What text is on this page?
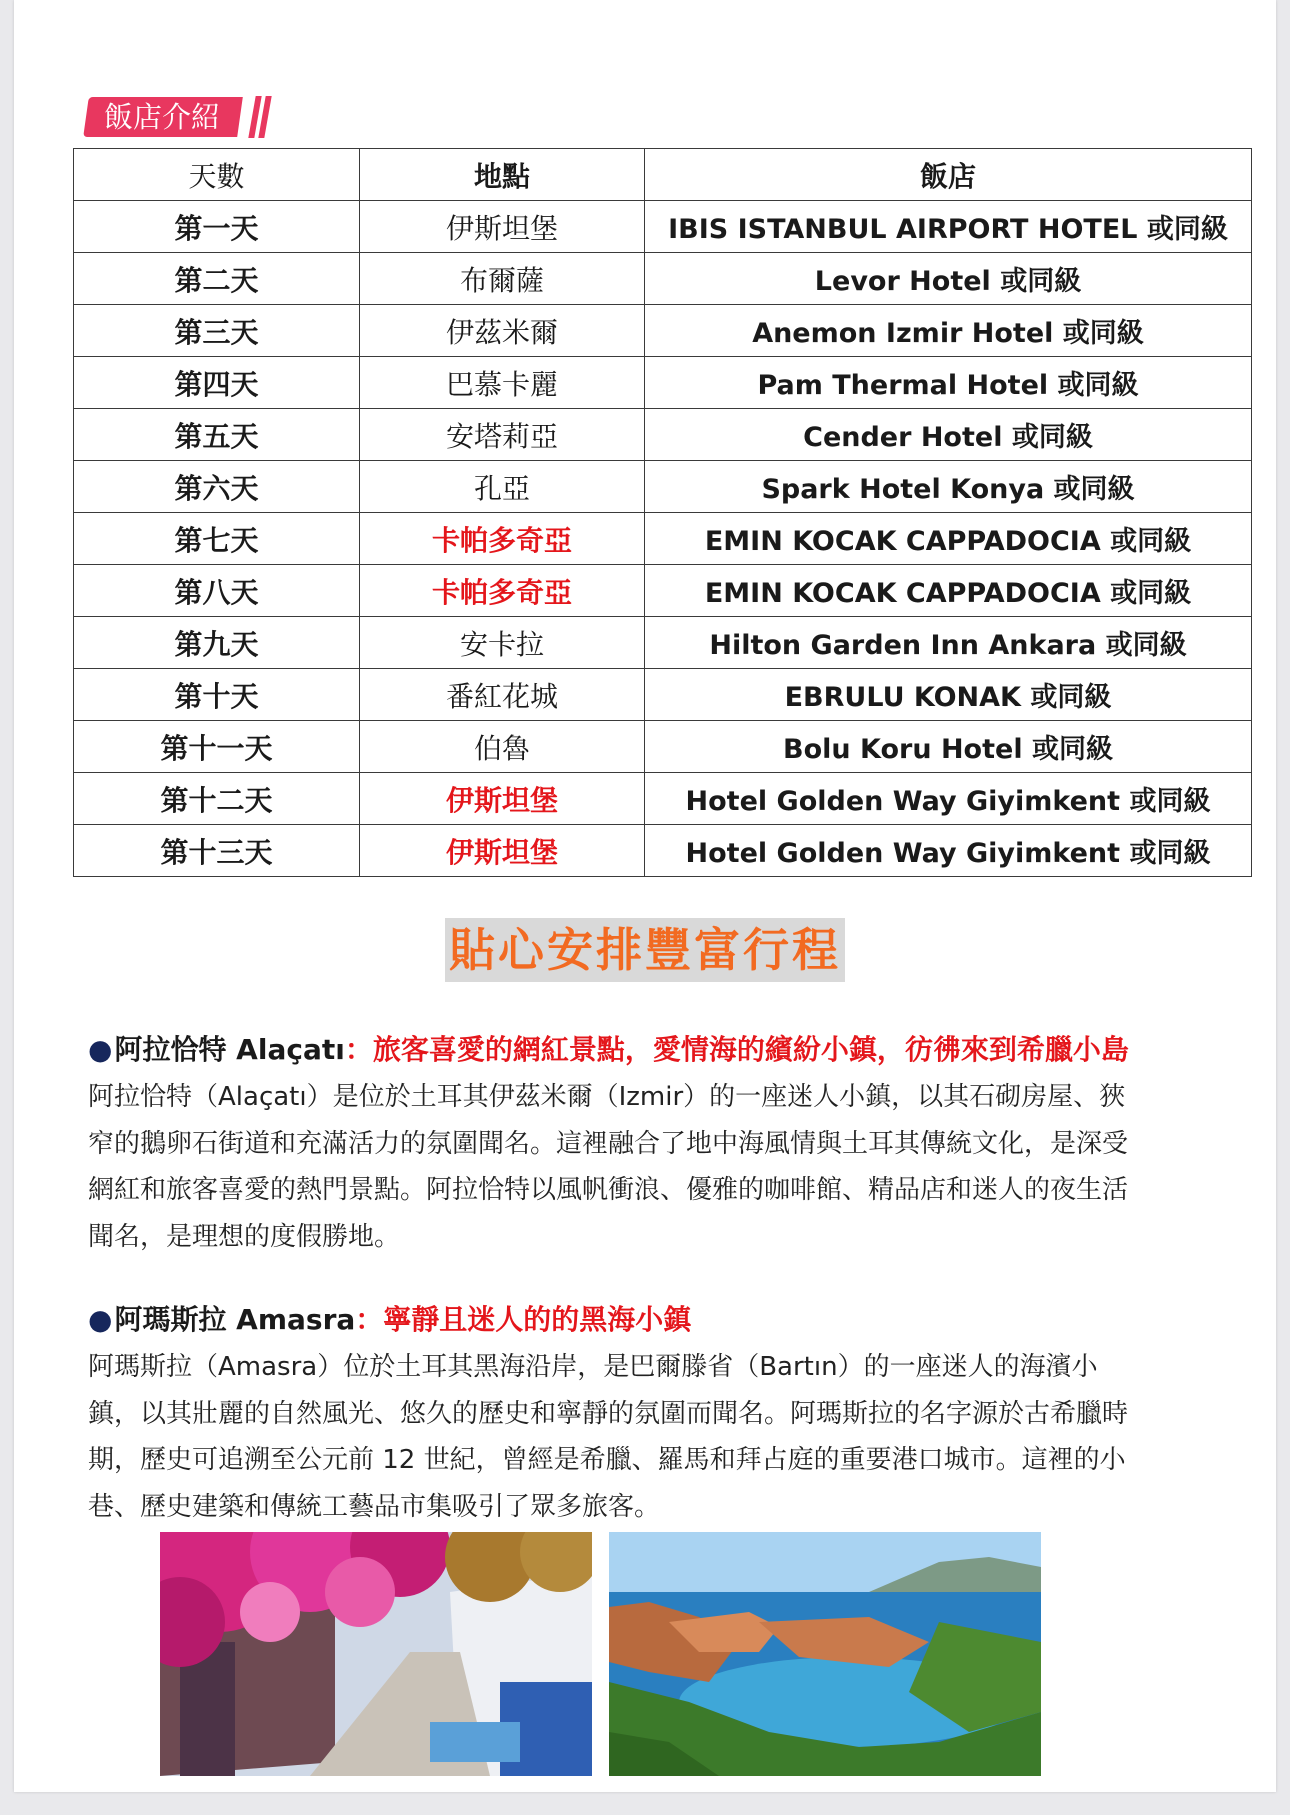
飯店介紹
天數	地點	飯店
第一天	伊斯坦堡	IBIS ISTANBUL AIRPORT HOTEL 或同級
第二天	布爾薩	Levor Hotel 或同級
第三天	伊茲米爾	Anemon Izmir Hotel 或同級
第四天	巴慕卡麗	Pam Thermal Hotel 或同級
第五天	安塔莉亞	Cender Hotel 或同級
第六天	孔亞	Spark Hotel Konya 或同級
第七天	卡帕多奇亞	EMIN KOCAK CAPPADOCIA 或同級
第八天	卡帕多奇亞	EMIN KOCAK CAPPADOCIA 或同級
第九天	安卡拉	Hilton Garden Inn Ankara 或同級
第十天	番紅花城	EBRULU KONAK 或同級
第十一天	伯魯	Bolu Koru Hotel 或同級
第十二天	伊斯坦堡	Hotel Golden Way Giyimkent 或同級
第十三天	伊斯坦堡	Hotel Golden Way Giyimkent 或同級
貼心安排豐富行程
●阿拉恰特 Alaçatı：旅客喜愛的網紅景點，愛情海的繽紛小鎮，彷彿來到希臘小島
阿拉恰特（Alaçatı）是位於土耳其伊茲米爾（Izmir）的一座迷人小鎮，以其石砌房屋、狹
窄的鵝卵石街道和充滿活力的氛圍聞名。這裡融合了地中海風情與土耳其傳統文化，是深受
網紅和旅客喜愛的熱門景點。阿拉恰特以風帆衝浪、優雅的咖啡館、精品店和迷人的夜生活
聞名，是理想的度假勝地。
●阿瑪斯拉 Amasra：寧靜且迷人的的黑海小鎮
阿瑪斯拉（Amasra）位於土耳其黑海沿岸，是巴爾滕省（Bartın）的一座迷人的海濱小
鎮，以其壯麗的自然風光、悠久的歷史和寧靜的氛圍而聞名。阿瑪斯拉的名字源於古希臘時
期，歷史可追溯至公元前 12 世紀，曾經是希臘、羅馬和拜占庭的重要港口城市。這裡的小
巷、歷史建築和傳統工藝品市集吸引了眾多旅客。
